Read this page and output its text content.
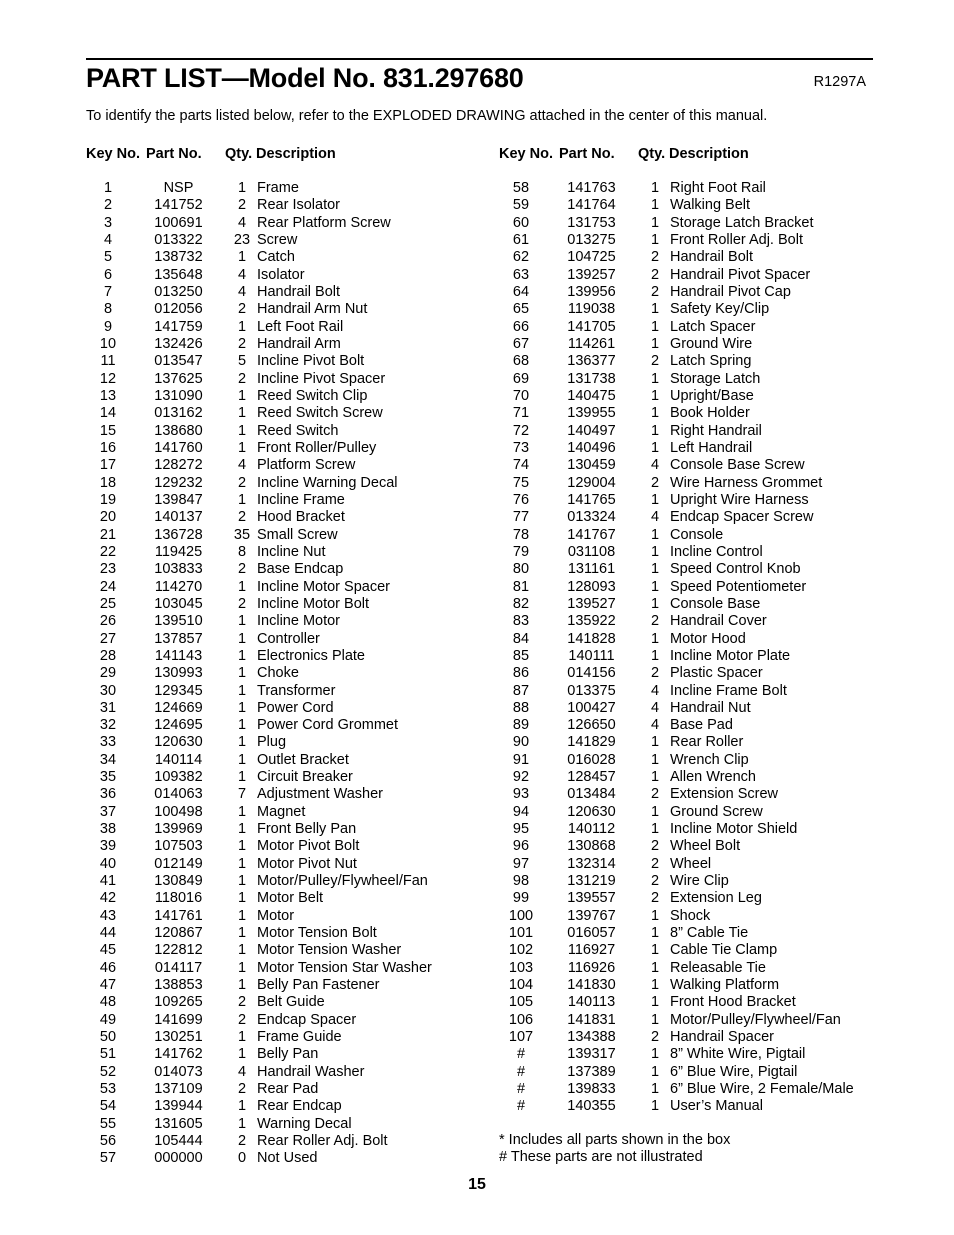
PART LIST—Model No. 831.297680	R1297A
To identify the parts listed below, refer to the EXPLODED DRAWING attached in the center of this manual.
Key No. Part No.	Qty. Description
1	NSP	1 Frame
2	141752	2 Rear Isolator
3	100691	4 Rear Platform Screw
4	013322	23 Screw
5	138732	1 Catch
6	135648	4 Isolator
7	013250	4 Handrail Bolt
8	012056	2 Handrail Arm Nut
9	141759	1 Left Foot Rail
10	132426	2 Handrail Arm
11	013547	5 Incline Pivot Bolt
12	137625	2 Incline Pivot Spacer
13	131090	1 Reed Switch Clip
14	013162	1 Reed Switch Screw
15	138680	1 Reed Switch
16	141760	1 Front Roller/Pulley
17	128272	4 Platform Screw
18	129232	2 Incline Warning Decal
19	139847	1 Incline Frame
20	140137	2 Hood Bracket
21	136728	35 Small Screw
22	119425	8 Incline Nut
23	103833	2 Base Endcap
24	114270	1 Incline Motor Spacer
25	103045	2 Incline Motor Bolt
26	139510	1 Incline Motor
27	137857	1 Controller
28	141143	1 Electronics Plate
29	130993	1 Choke
30	129345	1 Transformer
31	124669	1 Power Cord
32	124695	1 Power Cord Grommet
33	120630	1 Plug
34	140114	1 Outlet Bracket
35	109382	1 Circuit Breaker
36	014063	7 Adjustment Washer
37	100498	1 Magnet
38	139969	1 Front Belly Pan
39	107503	1 Motor Pivot Bolt
40	012149	1 Motor Pivot Nut
41	130849	1 Motor/Pulley/Flywheel/Fan
42	118016	1 Motor Belt
43	141761	1 Motor
44	120867	1 Motor Tension Bolt
45	122812	1 Motor Tension Washer
46	014117	1 Motor Tension Star Washer
47	138853	1 Belly Pan Fastener
48	109265	2 Belt Guide
49	141699	2 Endcap Spacer
50	130251	1 Frame Guide
51	141762	1 Belly Pan
52	014073	4 Handrail Washer
53	137109	2 Rear Pad
54	139944	1 Rear Endcap
55	131605	1 Warning Decal
56	105444	2 Rear Roller Adj. Bolt
57	000000	0 Not Used
Key No. Part No.	Qty. Description
58	141763	1 Right Foot Rail
59	141764	1 Walking Belt
60	131753	1 Storage Latch Bracket
61	013275	1 Front Roller Adj. Bolt
62	104725	2 Handrail Bolt
63	139257	2 Handrail Pivot Spacer
64	139956	2 Handrail Pivot Cap
65	119038	1 Safety Key/Clip
66	141705	1 Latch Spacer
67	114261	1 Ground Wire
68	136377	2 Latch Spring
69	131738	1 Storage Latch
70	140475	1 Upright/Base
71	139955	1 Book Holder
72	140497	1 Right Handrail
73	140496	1 Left Handrail
74	130459	4 Console Base Screw
75	129004	2 Wire Harness Grommet
76	141765	1 Upright Wire Harness
77	013324	4 Endcap Spacer Screw
78	141767	1 Console
79	031108	1 Incline Control
80	131161	1 Speed Control Knob
81	128093	1 Speed Potentiometer
82	139527	1 Console Base
83	135922	2 Handrail Cover
84	141828	1 Motor Hood
85	140111	1 Incline Motor Plate
86	014156	2 Plastic Spacer
87	013375	4 Incline Frame Bolt
88	100427	4 Handrail Nut
89	126650	4 Base Pad
90	141829	1 Rear Roller
91	016028	1 Wrench Clip
92	128457	1 Allen Wrench
93	013484	2 Extension Screw
94	120630	1 Ground Screw
95	140112	1 Incline Motor Shield
96	130868	2 Wheel Bolt
97	132314	2 Wheel
98	131219	2 Wire Clip
99	139557	2 Extension Leg
100	139767	1 Shock
101	016057	1 8” Cable Tie
102	116927	1 Cable Tie Clamp
103	116926	1 Releasable Tie
104	141830	1 Walking Platform
105	140113	1 Front Hood Bracket
106	141831	1 Motor/Pulley/Flywheel/Fan
107	134388	2 Handrail Spacer
#	139317	1 8” White Wire, Pigtail
#	137389	1 6” Blue Wire, Pigtail
#	139833	1 6” Blue Wire, 2 Female/Male
#	140355	1 User’s Manual
* Includes all parts shown in the box
# These parts are not illustrated
15
